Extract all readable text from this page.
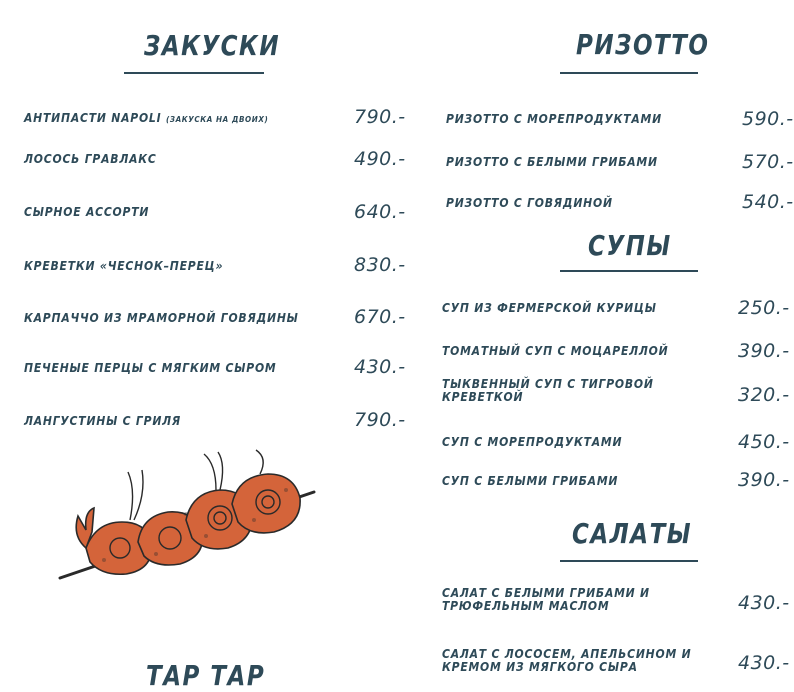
ЗАКУСКИ

АНТИПАСТИ NAPOLI (ЗАКУСКА НА ДВОИХ)	790.-

ЛОСОСЬ ГРАВЛАКС	490.-

СЫРНОЕ АССОРТИ	640.-

КРЕВЕТКИ «ЧЕСНОК–ПЕРЕЦ»	830.-

КАРПАЧЧО ИЗ МРАМОРНОЙ ГОВЯДИНЫ	670.-

ПЕЧЕНЫЕ ПЕРЦЫ С МЯГКИМ СЫРОМ	430.-

ЛАНГУСТИНЫ С ГРИЛЯ	790.-

ТАР ТАР
РИЗОТТО

РИЗОТТО С МОРЕПРОДУКТАМИ	590.-

РИЗОТТО С БЕЛЫМИ ГРИБАМИ	570.-

РИЗОТТО С ГОВЯДИНОЙ	540.-

СУПЫ

СУП ИЗ ФЕРМЕРСКОЙ КУРИЦЫ	250.-

ТОМАТНЫЙ СУП С МОЦАРЕЛЛОЙ	390.-

ТЫКВЕННЫЙ СУП С ТИГРОВОЙ
КРЕВЕТКОЙ	320.-

СУП С МОРЕПРОДУКТАМИ	450.-

СУП С БЕЛЫМИ ГРИБАМИ	390.-

САЛАТЫ

САЛАТ С БЕЛЫМИ ГРИБАМИ И
ТРЮФЕЛЬНЫМ МАСЛОМ	430.-

САЛАТ С ЛОСОСЕМ, АПЕЛЬСИНОМ И
КРЕМОМ ИЗ МЯГКОГО СЫРА	430.-
